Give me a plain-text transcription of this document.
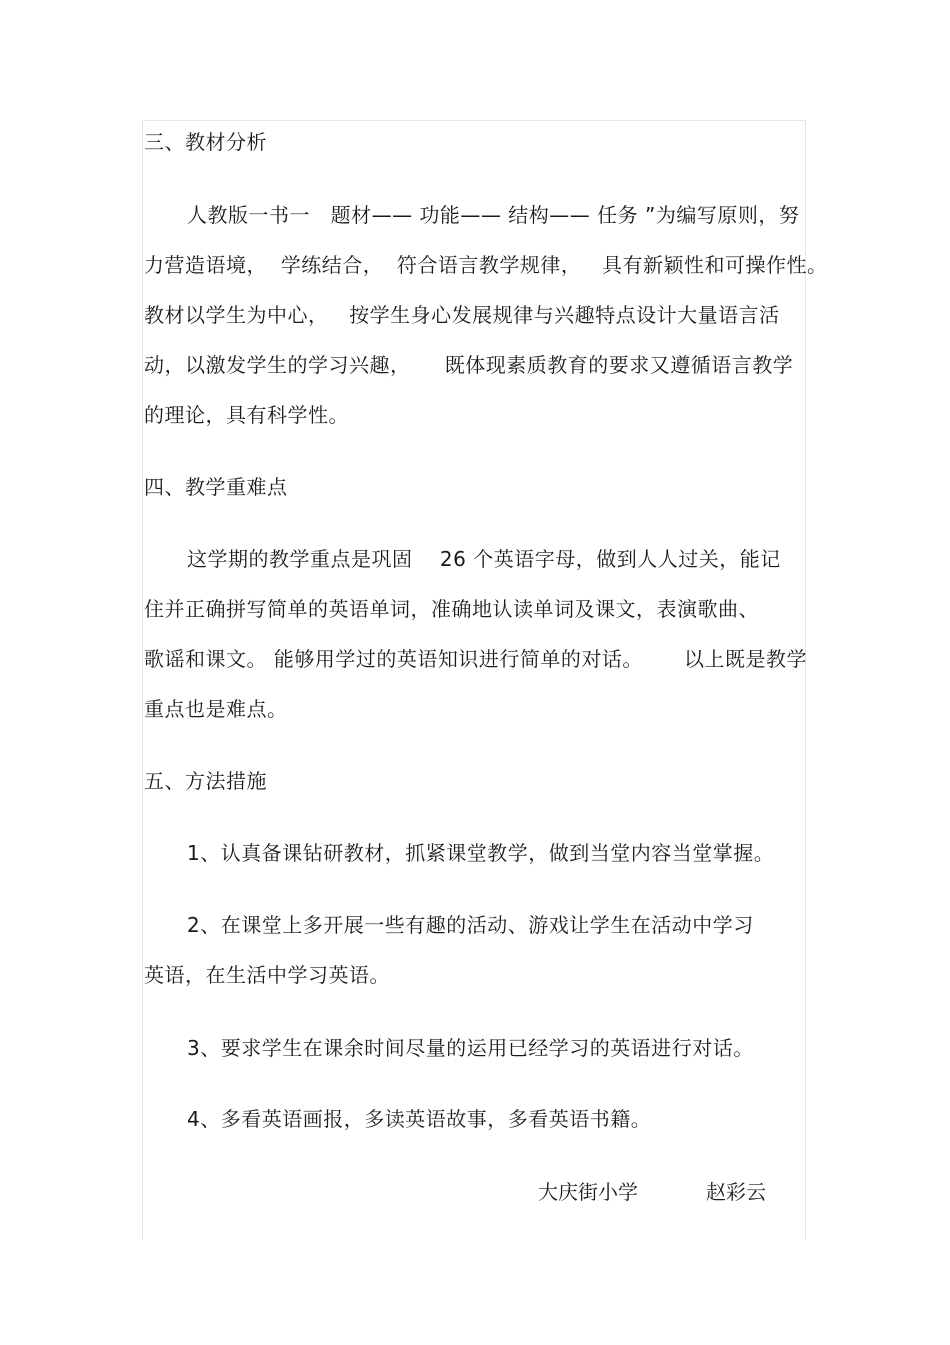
三、教材分析
人教版一书一   题材—— 功能—— 结构—— 任务 ”为编写原则，努
力营造语境，  学练结合，  符合语言教学规律，   具有新颖性和可操作性。
教材以学生为中心，   按学生身心发展规律与兴趣特点设计大量语言活
动，以激发学生的学习兴趣，     既体现素质教育的要求又遵循语言教学
的理论，具有科学性。
四、教学重难点
这学期的教学重点是巩固    26 个英语字母，做到人人过关，能记
住并正确拼写简单的英语单词，准确地认读单词及课文，表演歌曲、
歌谣和课文。 能够用学过的英语知识进行简单的对话。      以上既是教学
重点也是难点。
五、方法措施
1、认真备课钻研教材，抓紧课堂教学，做到当堂内容当堂掌握。
2、在课堂上多开展一些有趣的活动、游戏让学生在活动中学习
英语，在生活中学习英语。
3、要求学生在课余时间尽量的运用已经学习的英语进行对话。
4、多看英语画报，多读英语故事，多看英语书籍。
大庆街小学	赵彩云
